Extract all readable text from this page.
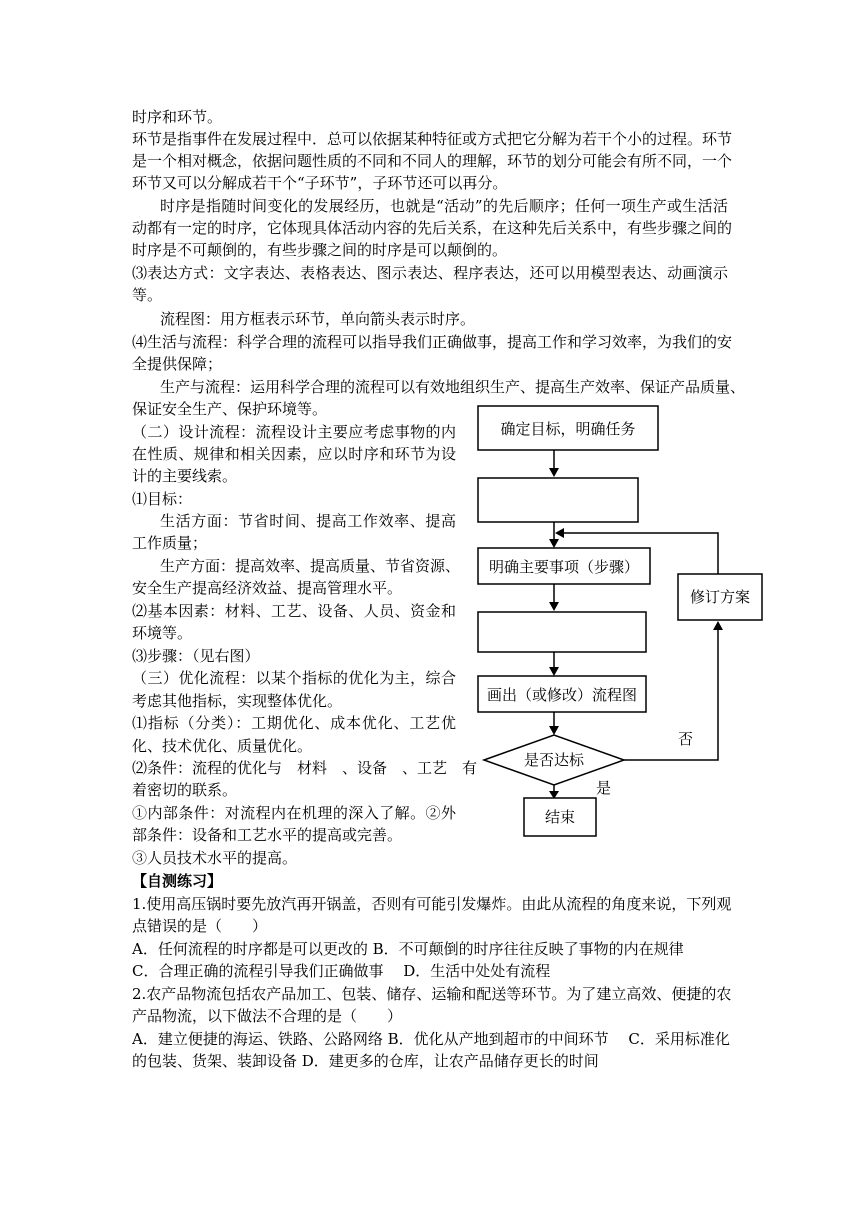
时序和环节。
环节是指事件在发展过程中．总可以依据某种特征或方式把它分解为若干个小的过程。环节
是一个相对概念，依据问题性质的不同和不同人的理解，环节的划分可能会有所不同，一个
环节又可以分解成若干个“子环节”，子环节还可以再分。
时序是指随时间变化的发展经历，也就是“活动”的先后顺序；任何一项生产或生活活
动都有一定的时序，它体现具体活动内容的先后关系，在这种先后关系中，有些步骤之间的
时序是不可颠倒的，有些步骤之间的时序是可以颠倒的。
⑶表达方式：文字表达、表格表达、图示表达、程序表达，还可以用模型表达、动画演示
等。
流程图：用方框表示环节，单向箭头表示时序。
⑷生活与流程：科学合理的流程可以指导我们正确做事，提高工作和学习效率，为我们的安
全提供保障；
生产与流程：运用科学合理的流程可以有效地组织生产、提高生产效率、保证产品质量、
保证安全生产、保护环境等。
（二）设计流程：流程设计主要应考虑事物的内
在性质、规律和相关因素，应以时序和环节为设
计的主要线索。
⑴目标：
生活方面：节省时间、提高工作效率、提高
工作质量；
生产方面：提高效率、提高质量、节省资源、
安全生产提高经济效益、提高管理水平。
⑵基本因素：材料、工艺、设备、人员、资金和
环境等。
⑶步骤：（见右图）
（三）优化流程：以某个指标的优化为主，综合
考虑其他指标，实现整体优化。
⑴指标（分类）：工期优化、成本优化、工艺优
化、技术优化、质量优化。
⑵条件：流程的优化与　材料　、设备　、工艺　有
着密切的联系。
①内部条件：对流程内在机理的深入了解。②外
部条件：设备和工艺水平的提高或完善。
③人员技术水平的提高。
【自测练习】
1.使用高压锅时要先放汽再开锅盖，否则有可能引发爆炸。由此从流程的角度来说，下列观
点错误的是（　　）
A．任何流程的时序都是可以更改的 B．不可颠倒的时序往往反映了事物的内在规律
C．合理正确的流程引导我们正确做事　 D．生活中处处有流程
2.农产品物流包括农产品加工、包装、储存、运输和配送等环节。为了建立高效、便捷的农
产品物流，以下做法不合理的是（　　）
A．建立便捷的海运、铁路、公路网络 B．优化从产地到超市的中间环节　 C．采用标准化
的包装、货架、装卸设备 D．建更多的仓库，让农产品储存更长的时间
确定目标，明确任务
明确主要事项（步骤）
画出（或修改）流程图
是否达标
是
结束
否
修订方案
